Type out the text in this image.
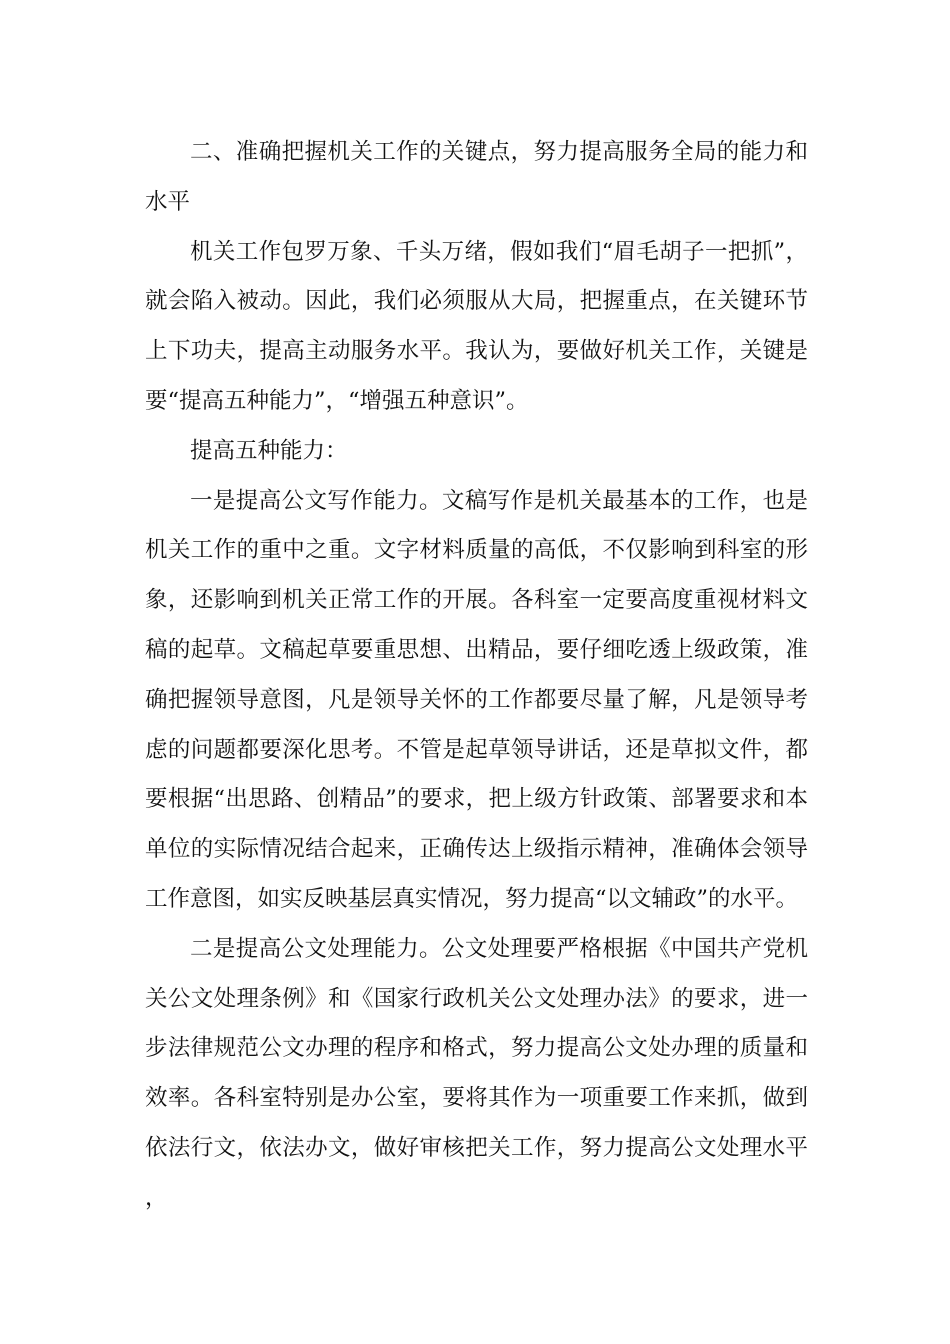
二、准确把握机关工作的关键点，努力提高服务全局的能力和水平

机关工作包罗万象、千头万绪，假如我们“眉毛胡子一把抓”，就会陷入被动。因此，我们必须服从大局，把握重点，在关键环节上下功夫，提高主动服务水平。我认为，要做好机关工作，关键是要“提高五种能力”，“增强五种意识”。

提高五种能力：

一是提高公文写作能力。文稿写作是机关最基本的工作，也是机关工作的重中之重。文字材料质量的高低，不仅影响到科室的形象，还影响到机关正常工作的开展。各科室一定要高度重视材料文稿的起草。文稿起草要重思想、出精品，要仔细吃透上级政策，准确把握领导意图，凡是领导关怀的工作都要尽量了解，凡是领导考虑的问题都要深化思考。不管是起草领导讲话，还是草拟文件，都要根据“出思路、创精品”的要求，把上级方针政策、部署要求和本单位的实际情况结合起来，正确传达上级指示精神，准确体会领导工作意图，如实反映基层真实情况，努力提高“以文辅政”的水平。

二是提高公文处理能力。公文处理要严格根据《中国共产党机关公文处理条例》和《国家行政机关公文处理办法》的要求，进一步法律规范公文办理的程序和格式，努力提高公文处办理的质量和效率。各科室特别是办公室，要将其作为一项重要工作来抓，做到依法行文，依法办文，做好审核把关工作，努力提高公文处理水平，
